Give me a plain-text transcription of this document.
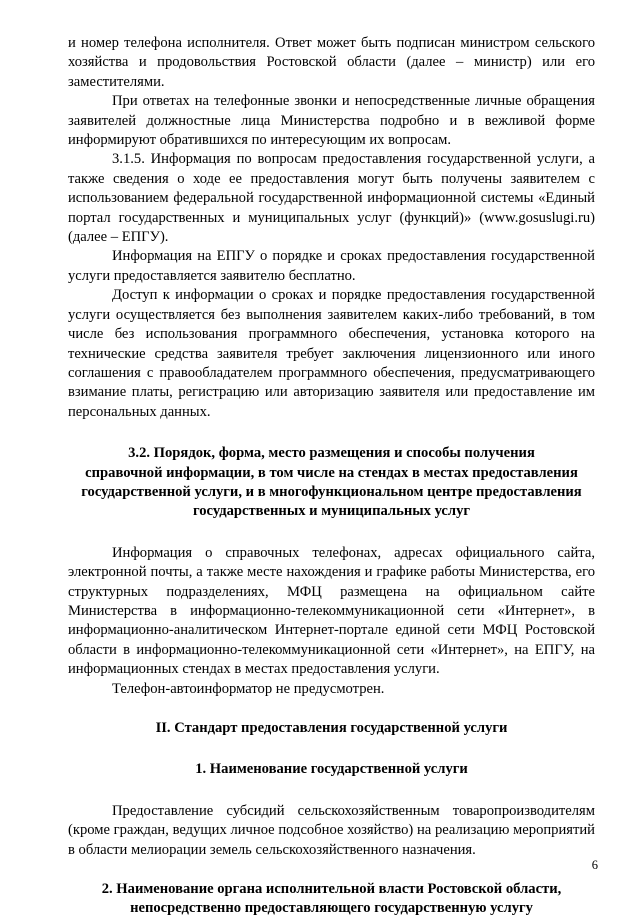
и номер телефона исполнителя. Ответ может быть подписан министром сельского хозяйства и продовольствия Ростовской области (далее – министр) или его заместителями.

При ответах на телефонные звонки и непосредственные личные обращения заявителей должностные лица Министерства подробно и в вежливой форме информируют обратившихся по интересующим их вопросам.

3.1.5. Информация по вопросам предоставления государственной услуги, а также сведения о ходе ее предоставления могут быть получены заявителем с использованием федеральной государственной информационной системы «Единый портал государственных и муниципальных услуг (функций)» (www.gosuslugi.ru) (далее – ЕПГУ).

Информация на ЕПГУ о порядке и сроках предоставления государственной услуги предоставляется заявителю бесплатно.

Доступ к информации о сроках и порядке предоставления государственной услуги осуществляется без выполнения заявителем каких-либо требований, в том числе без использования программного обеспечения, установка которого на технические средства заявителя требует заключения лицензионного или иного соглашения с правообладателем программного обеспечения, предусматривающего взимание платы, регистрацию или авторизацию заявителя или предоставление им персональных данных.

3.2. Порядок, форма, место размещения и способы получения
справочной информации, в том числе на стендах в местах предоставления
государственной услуги, и в многофункциональном центре предоставления
государственных и муниципальных услуг

Информация о справочных телефонах, адресах официального сайта, электронной почты, а также месте нахождения и графике работы Министерства, его структурных подразделениях, МФЦ размещена на официальном сайте Министерства в информационно-телекоммуникационной сети «Интернет», в информационно-аналитическом Интернет-портале единой сети МФЦ Ростовской области в информационно-телекоммуникационной сети «Интернет», на ЕПГУ, на информационных стендах в местах предоставления услуги.

Телефон-автоинформатор не предусмотрен.

II. Стандарт предоставления государственной услуги
1. Наименование государственной услуги

Предоставление субсидий сельскохозяйственным товаропроизводителям (кроме граждан, ведущих личное подсобное хозяйство) на реализацию мероприятий в области мелиорации земель сельскохозяйственного назначения.

2. Наименование органа исполнительной власти Ростовской области,
непосредственно предоставляющего государственную услугу
6
